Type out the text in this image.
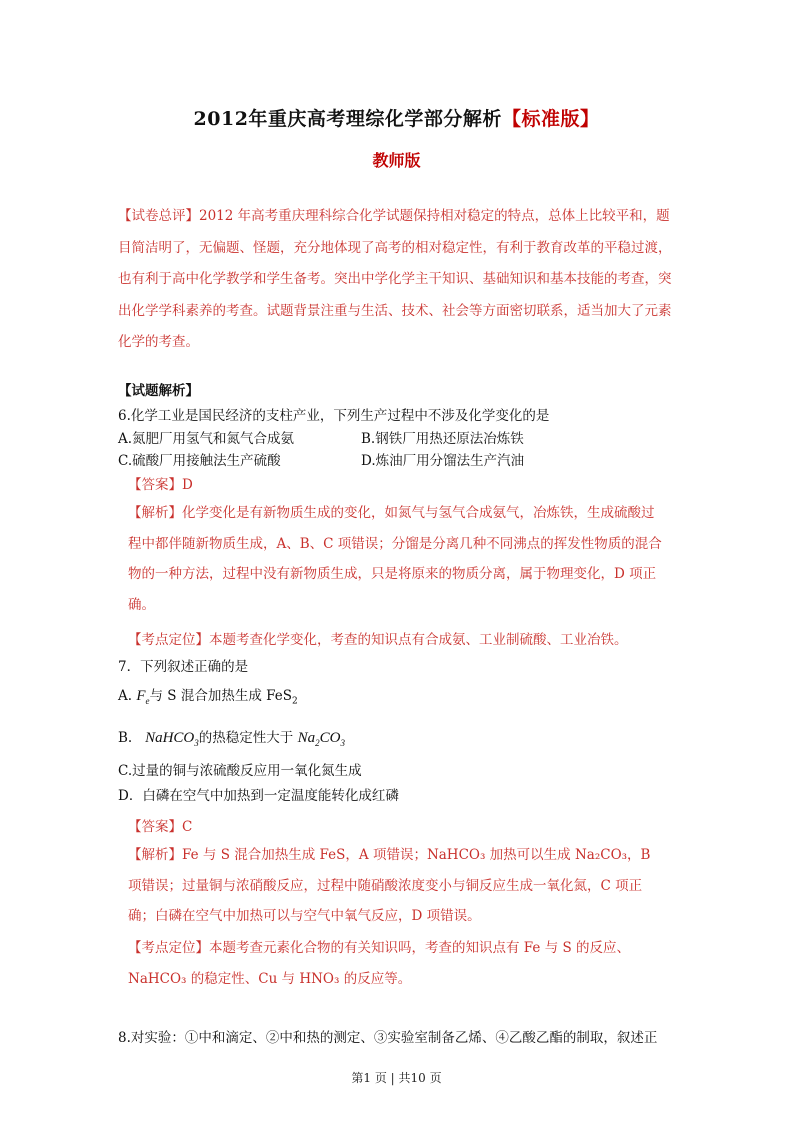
2012年重庆高考理综化学部分解析【标准版】
教师版
【试卷总评】2012 年高考重庆理科综合化学试题保持相对稳定的特点，总体上比较平和，题目简洁明了，无偏题、怪题，充分地体现了高考的相对稳定性，有利于教育改革的平稳过渡，也有利于高中化学教学和学生备考。突出中学化学主干知识、基础知识和基本技能的考查，突出化学学科素养的考查。试题背景注重与生活、技术、社会等方面密切联系，适当加大了元素化学的考查。
【试题解析】
6.化学工业是国民经济的支柱产业，下列生产过程中不涉及化学变化的是
A.氮肥厂用氢气和氮气合成氨	B.钢铁厂用热还原法冶炼铁
C.硫酸厂用接触法生产硫酸	D.炼油厂用分馏法生产汽油
【答案】D
【解析】化学变化是有新物质生成的变化，如氮气与氢气合成氨气，冶炼铁，生成硫酸过程中都伴随新物质生成，A、B、C 项错误；分馏是分离几种不同沸点的挥发性物质的混合物的一种方法，过程中没有新物质生成，只是将原来的物质分离，属于物理变化，D 项正确。
【考点定位】本题考查化学变化，考查的知识点有合成氨、工业制硫酸、工业冶铁。
7．下列叙述正确的是
A. $F_e$与 S 混合加热生成 FeS$_2$
B. NaHCO$_3$的热稳定性大于 $Na_2CO_3$
C.过量的铜与浓硫酸反应用一氧化氮生成
D．白磷在空气中加热到一定温度能转化成红磷
【答案】C
【解析】Fe 与 S 混合加热生成 FeS，A 项错误；NaHCO₃ 加热可以生成 Na₂CO₃，B 项错误；过量铜与浓硝酸反应，过程中随硝酸浓度变小与铜反应生成一氧化氮，C 项正确；白磷在空气中加热可以与空气中氧气反应，D 项错误。
【考点定位】本题考查元素化合物的有关知识吗，考查的知识点有 Fe 与 S 的反应、NaHCO₃ 的稳定性、Cu 与 HNO₃ 的反应等。
8.对实验：①中和滴定、②中和热的测定、③实验室制备乙烯、④乙酸乙酯的制取，叙述正
第1 页 | 共10 页
